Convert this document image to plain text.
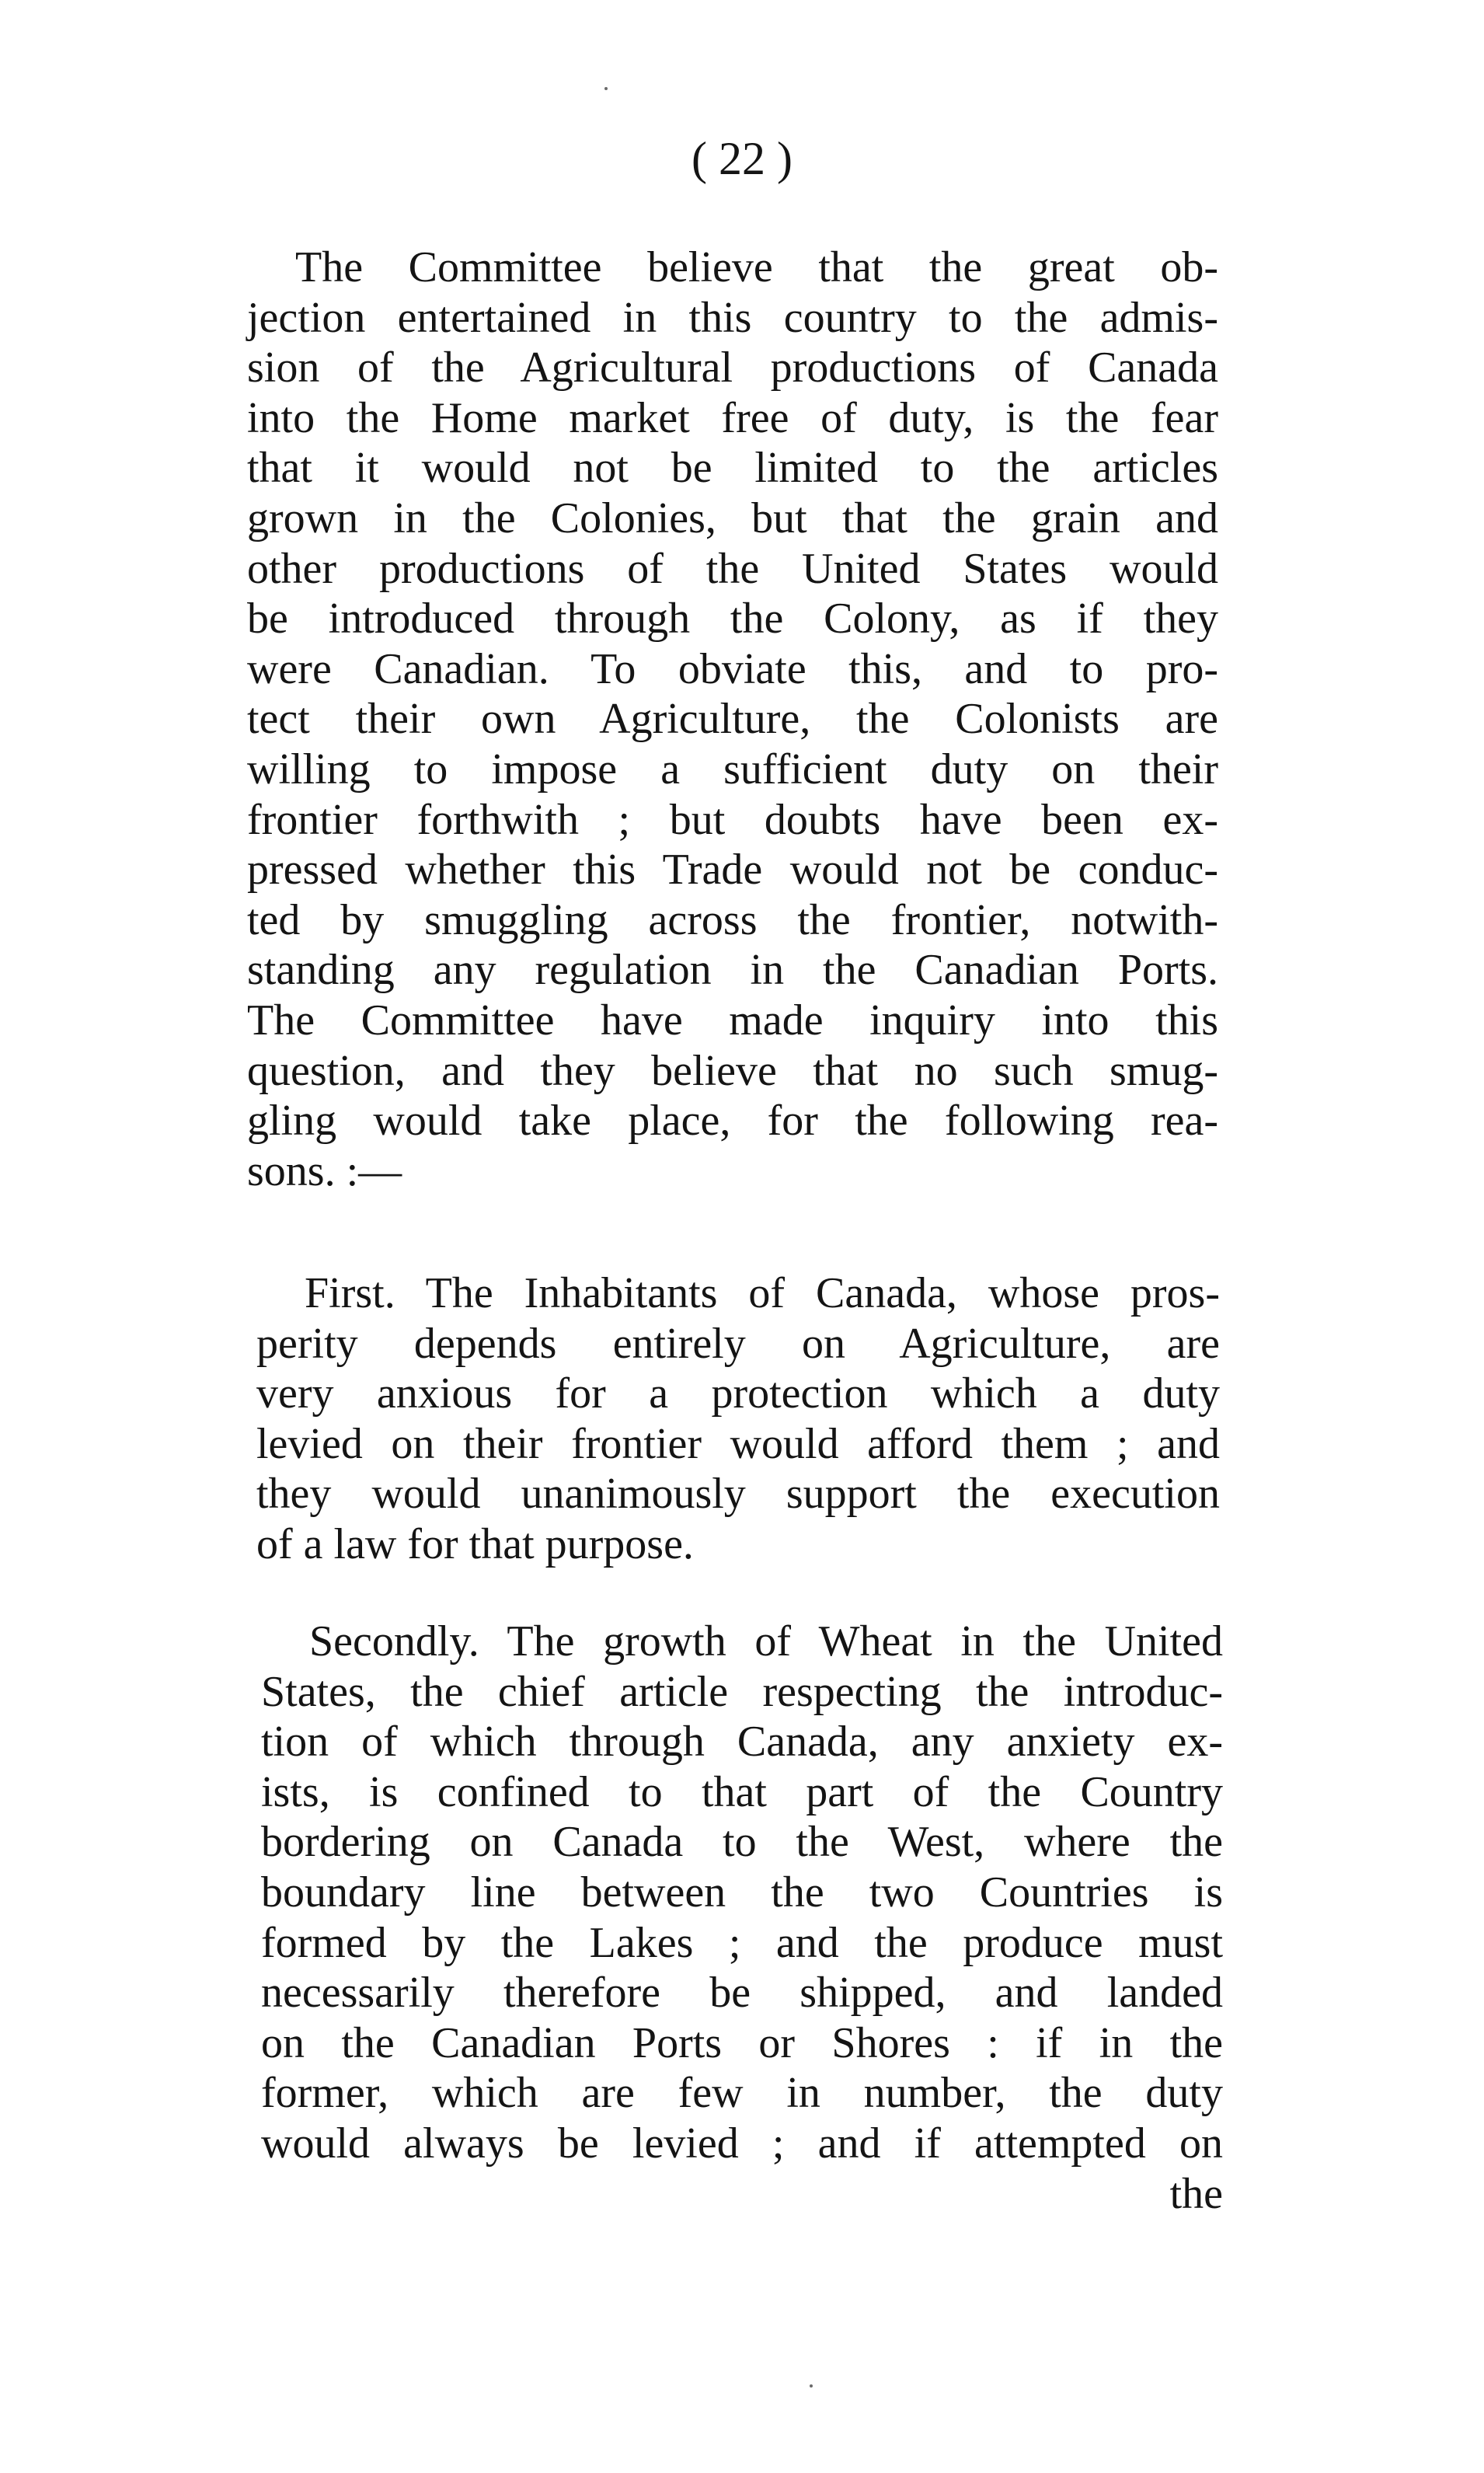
( 22 )
The Committee believe that the great ob-
jection entertained in this country to the admis-
sion of the Agricultural productions of Canada
into the Home market free of duty, is the fear
that it would not be limited to the articles
grown in the Colonies, but that the grain and
other productions of the United States would
be introduced through the Colony, as if they
were Canadian. To obviate this, and to pro-
tect their own Agriculture, the Colonists are
willing to impose a sufficient duty on their
frontier forthwith ; but doubts have been ex-
pressed whether this Trade would not be conduc-
ted by smuggling across the frontier, notwith-
standing any regulation in the Canadian Ports.
The Committee have made inquiry into this
question, and they believe that no such smug-
gling would take place, for the following rea-
sons. :—
First. The Inhabitants of Canada, whose pros-
perity depends entirely on Agriculture, are
very anxious for a protection which a duty
levied on their frontier would afford them ; and
they would unanimously support the execution
of a law for that purpose.
Secondly. The growth of Wheat in the United
States, the chief article respecting the introduc-
tion of which through Canada, any anxiety ex-
ists, is confined to that part of the Country
bordering on Canada to the West, where the
boundary line between the two Countries is
formed by the Lakes ; and the produce must
necessarily therefore be shipped, and landed
on the Canadian Ports or Shores : if in the
former, which are few in number, the duty
would always be levied ; and if attempted on
the
